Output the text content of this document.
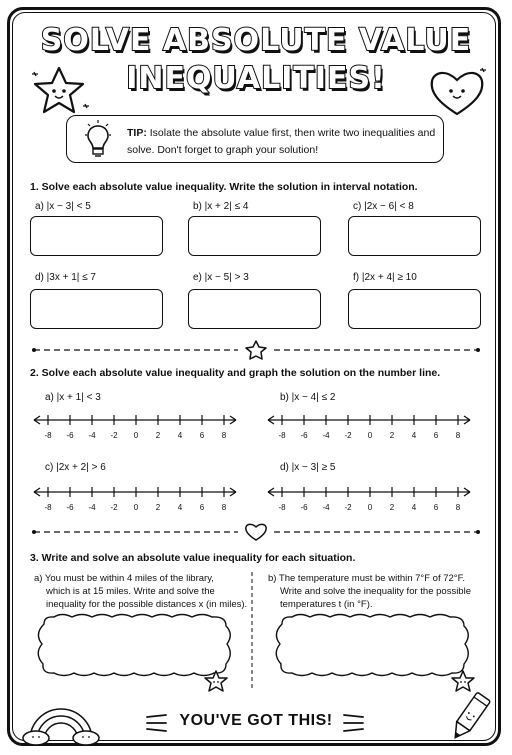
SOLVE ABSOLUTE VALUE
INEQUALITIES!
TIP: Isolate the absolute value first, then write two inequalities and solve. Don't forget to graph your solution!
1. Solve each absolute value inequality. Write the solution in interval notation.
a) |x − 3| < 5	b) |x + 2| ≤ 4	c) |2x − 6| < 8
d) |3x + 1| ≤ 7	e) |x − 5| > 3	f) |2x + 4| ≥ 10
2. Solve each absolute value inequality and graph the solution on the number line.
a) |x + 1| < 3	b) |x − 4| ≤ 2
c) |2x + 2| > 6	d) |x − 3| ≥ 5
-8 -6 -4 -2 0 2 4 6 8	-8 -6 -4 -2 0 2 4 6 8
-8 -6 -4 -2 0 2 4 6 8	-8 -6 -4 -2 0 2 4 6 8
3. Write and solve an absolute value inequality for each situation.
a) You must be within 4 miles of the library,
which is at 15 miles. Write and solve the
inequality for the possible distances x (in miles).
b) The temperature must be within 7°F of 72°F.
Write and solve the inequality for the possible
temperatures t (in °F).
YOU'VE GOT THIS!
